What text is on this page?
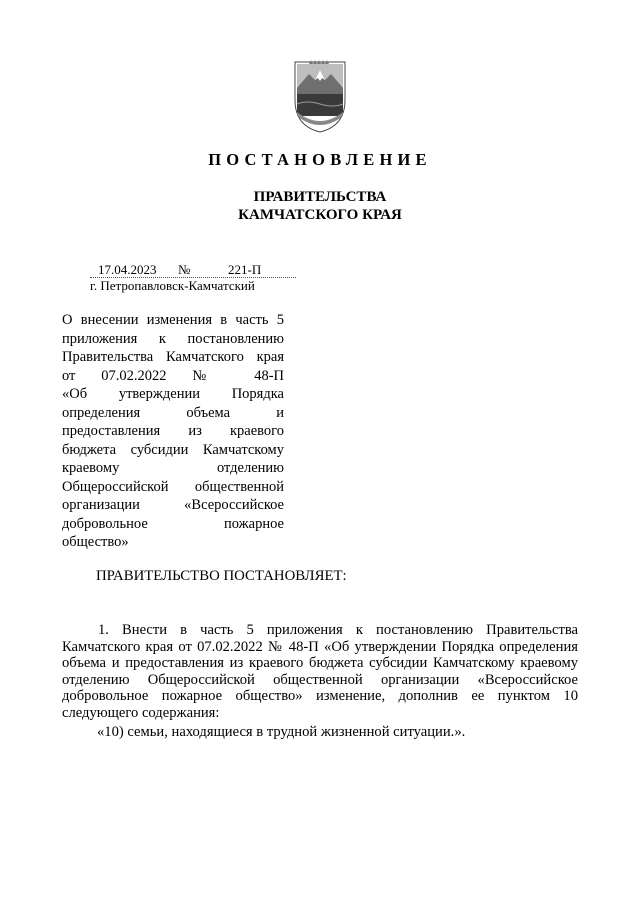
ПОСТАНОВЛЕНИЕ
ПРАВИТЕЛЬСТВА
КАМЧАТСКОГО КРАЯ
17.04.2023 №	221-П
г. Петропавловск-Камчатский
О внесении изменения в часть 5
приложения к постановлению
Правительства Камчатского края
от 07.02.2022 № 48-П
«Об утверждении Порядка
определения объема и
предоставления из краевого
бюджета субсидии Камчатскому
краевому отделению
Общероссийской общественной
организации «Всероссийское
добровольное пожарное
общество»
ПРАВИТЕЛЬСТВО ПОСТАНОВЛЯЕТ:
1. Внести в часть 5 приложения к постановлению Правительства
Камчатского края от 07.02.2022 № 48-П «Об утверждении Порядка определения
объема и предоставления из краевого бюджета субсидии Камчатскому краевому
отделению Общероссийской общественной организации «Всероссийское
добровольное пожарное общество» изменение, дополнив ее пунктом 10
следующего содержания:
«10) семьи, находящиеся в трудной жизненной ситуации.».
